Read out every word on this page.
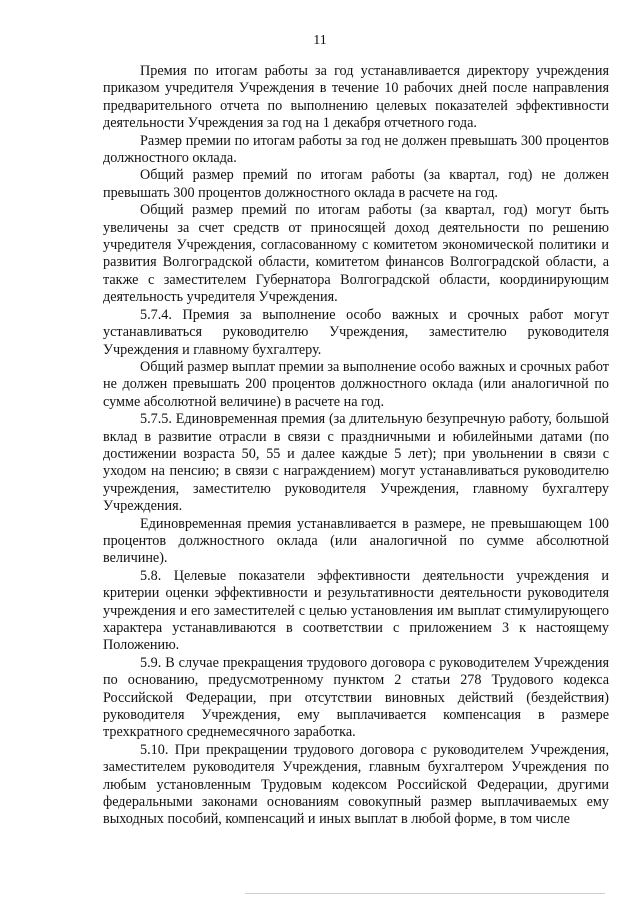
11

Премия по итогам работы за год устанавливается директору учреждения приказом учредителя Учреждения в течение 10 рабочих дней после направления предварительного отчета по выполнению целевых показателей эффективности деятельности Учреждения за год на 1 декабря отчетного года.

Размер премии по итогам работы за год не должен превышать 300 процентов должностного оклада.

Общий размер премий по итогам работы (за квартал, год) не должен превышать 300 процентов должностного оклада в расчете на год.

Общий размер премий по итогам работы (за квартал, год) могут быть увеличены за счет средств от приносящей доход деятельности по решению учредителя Учреждения, согласованному с комитетом экономической политики и развития Волгоградской области, комитетом финансов Волгоградской области, а также с заместителем Губернатора Волгоградской области, координирующим деятельность учредителя Учреждения.

5.7.4. Премия за выполнение особо важных и срочных работ могут устанавливаться руководителю Учреждения, заместителю руководителя Учреждения и главному бухгалтеру.

Общий размер выплат премии за выполнение особо важных и срочных работ не должен превышать 200 процентов должностного оклада (или аналогичной по сумме абсолютной величине) в расчете на год.

5.7.5. Единовременная премия (за длительную безупречную работу, большой вклад в развитие отрасли в связи с праздничными и юбилейными датами (по достижении возраста 50, 55 и далее каждые 5 лет); при увольнении в связи с уходом на пенсию; в связи с награждением) могут устанавливаться руководителю учреждения, заместителю руководителя Учреждения, главному бухгалтеру Учреждения.

Единовременная премия устанавливается в размере, не превышающем 100 процентов должностного оклада (или аналогичной по сумме абсолютной величине).

5.8. Целевые показатели эффективности деятельности учреждения и критерии оценки эффективности и результативности деятельности руководителя учреждения и его заместителей с целью установления им выплат стимулирующего характера устанавливаются в соответствии с приложением 3 к настоящему Положению.

5.9. В случае прекращения трудового договора с руководителем Учреждения по основанию, предусмотренному пунктом 2 статьи 278 Трудового кодекса Российской Федерации, при отсутствии виновных действий (бездействия) руководителя Учреждения, ему выплачивается компенсация в размере трехкратного среднемесячного заработка.

5.10. При прекращении трудового договора с руководителем Учреждения, заместителем руководителя Учреждения, главным бухгалтером Учреждения по любым установленным Трудовым кодексом Российской Федерации, другими федеральными законами основаниям совокупный размер выплачиваемых ему выходных пособий, компенсаций и иных выплат в любой форме, в том числе
